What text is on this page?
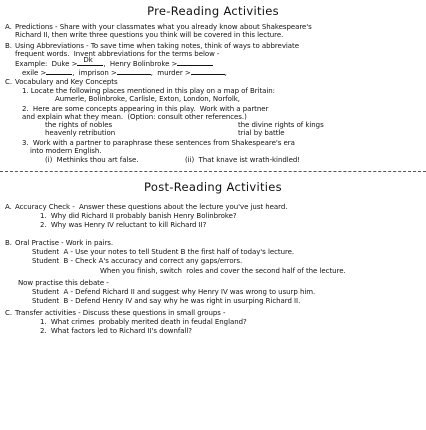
Pre-Reading Activities
A. Predictions - Share with your classmates what you already know about Shakespeare's
Richard II, then write three questions you think will be covered in this lecture.
B. Using Abbreviations - To save time when taking notes, think of ways to abbreviate
frequent words.  Invent abbreviations for the terms below -
Example:  Duke > Dk ,  Henry Bolinbroke >
exile >	,  imprison >	,  murder >	,
C. Vocabulary and Key Concepts
1. Locate the following places mentioned in this play on a map of Britain:
Aumerle, Bolinbroke, Carlisle, Exton, London, Norfolk,
2.  Here are some concepts appearing in this play.  Work with a partner
and explain what they mean.  (Option: consult other references.)
the rights of nobles	the divine rights of kings
heavenly retribution	trial by battle
3.  Work with a partner to paraphrase these sentences from Shakespeare's era
into modern English.
(i)  Methinks thou art false.	(ii)  That knave ist wrath-kindled!
Post-Reading Activities
A. Accuracy Check -  Answer these questions about the lecture you've just heard.
1.  Why did Richard II probably banish Henry Bolinbroke?
2.  Why was Henry IV reluctant to kill Richard II?
B. Oral Practise - Work in pairs.
Student  A - Use your notes to tell Student B the first half of today's lecture.
Student  B - Check A's accuracy and correct any gaps/errors.
When you finish, switch  roles and cover the second half of the lecture.
Now practise this debate -
Student  A - Defend Richard II and suggest why Henry IV was wrong to usurp him.
Student  B - Defend Henry IV and say why he was right in usurping Richard II.
C. Transfer activities - Discuss these questions in small groups -
1.  What crimes  probably merited death in feudal England?
2.  What factors led to Richard II's downfall?
